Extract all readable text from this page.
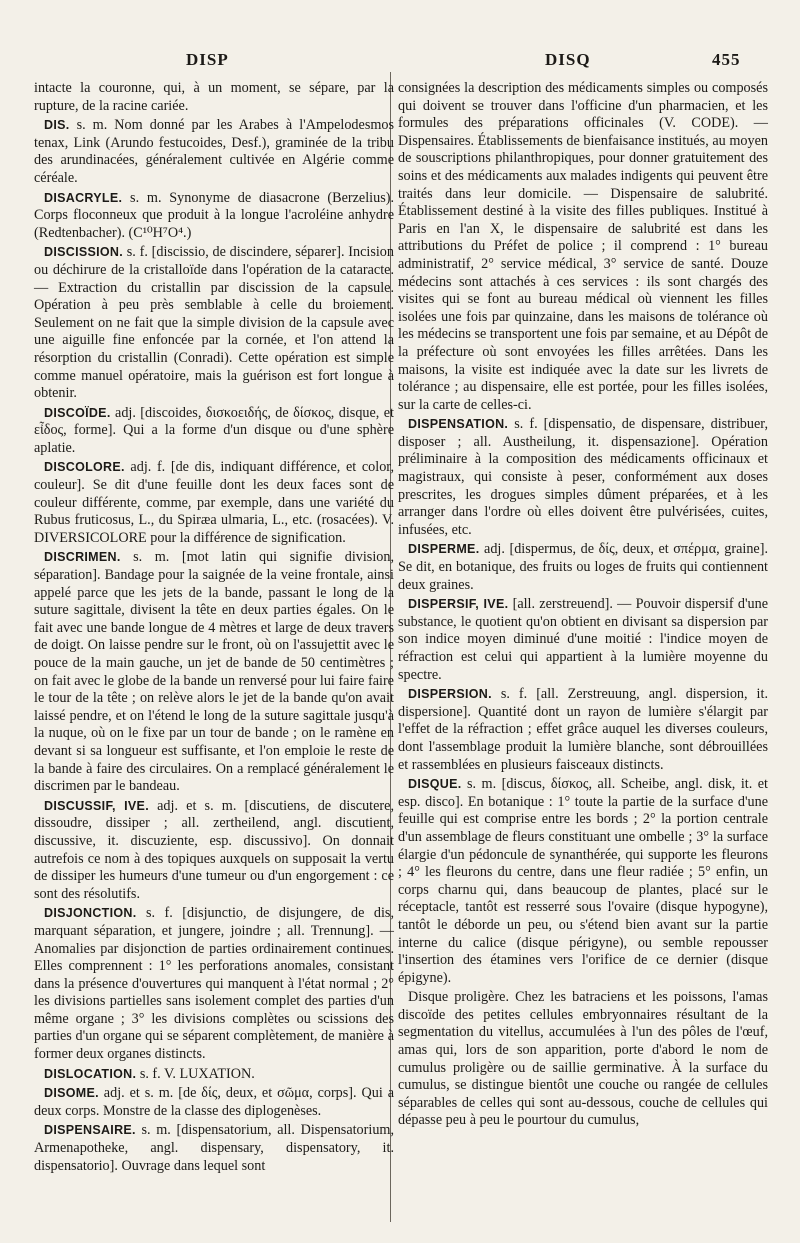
DISP	DISQ	455

intacte la couronne, qui, à un moment, se sépare, par la rupture, de la racine cariée.

DIS. s. m. Nom donné par les Arabes à l'Ampelodesmos tenax, Link (Arundo festucoides, Desf.), graminée de la tribu des arundinacées, généralement cultivée en Algérie comme céréale.

DISACRYLE. s. m. Synonyme de diasacrone (Berzelius). Corps floconneux que produit à la longue l'acroléine anhydre (Redtenbacher). (C¹⁰H⁷O⁴.)

DISCISSION. s. f. [discissio, de discindere, séparer]. Incision ou déchirure de la cristalloïde dans l'opération de la cataracte. — Extraction du cristallin par discission de la capsule. Opération à peu près semblable à celle du broiement. Seulement on ne fait que la simple division de la capsule avec une aiguille fine enfoncée par la cornée, et l'on attend la résorption du cristallin (Conradi). Cette opération est simple comme manuel opératoire, mais la guérison est fort longue à obtenir.

DISCOÏDE. adj. [discoides, δισκοειδής, de δίσκος, disque, et εἶδος, forme]. Qui a la forme d'un disque ou d'une sphère aplatie.

DISCOLORE. adj. f. [de dis, indiquant différence, et color, couleur]. Se dit d'une feuille dont les deux faces sont de couleur différente, comme, par exemple, dans une variété du Rubus fruticosus, L., du Spiræa ulmaria, L., etc. (rosacées). V. DIVERSICOLORE pour la différence de signification.

DISCRIMEN. s. m. [mot latin qui signifie division, séparation]. Bandage pour la saignée de la veine frontale, ainsi appelé parce que les jets de la bande, passant le long de la suture sagittale, divisent la tête en deux parties égales. On le fait avec une bande longue de 4 mètres et large de deux travers de doigt. On laisse pendre sur le front, où on l'assujettit avec le pouce de la main gauche, un jet de bande de 50 centimètres ; on fait avec le globe de la bande un renversé pour lui faire faire le tour de la tête ; on relève alors le jet de la bande qu'on avait laissé pendre, et on l'étend le long de la suture sagittale jusqu'à la nuque, où on le fixe par un tour de bande ; on le ramène en devant si sa longueur est suffisante, et l'on emploie le reste de la bande à faire des circulaires. On a remplacé généralement le discrimen par le bandeau.

DISCUSSIF, IVE. adj. et s. m. [discutiens, de discutere, dissoudre, dissiper ; all. zertheilend, angl. discutient, discussive, it. discuziente, esp. discussivo]. On donnait autrefois ce nom à des topiques auxquels on supposait la vertu de dissiper les humeurs d'une tumeur ou d'un engorgement : ce sont des résolutifs.

DISJONCTION. s. f. [disjunctio, de disjungere, de dis, marquant séparation, et jungere, joindre ; all. Trennung]. — Anomalies par disjonction de parties ordinairement continues. Elles comprennent : 1° les perforations anomales, consistant dans la présence d'ouvertures qui manquent à l'état normal ; 2° les divisions partielles sans isolement complet des parties d'un même organe ; 3° les divisions complètes ou scissions des parties d'un organe qui se séparent complètement, de manière à former deux organes distincts.

DISLOCATION. s. f. V. LUXATION.

DISOME. adj. et s. m. [de δίς, deux, et σῶμα, corps]. Qui a deux corps. Monstre de la classe des diplogenèses.

DISPENSAIRE. s. m. [dispensatorium, all. Dispensatorium, Armenapotheke, angl. dispensary, dispensatory, it. dispensatorio]. Ouvrage dans lequel sont

consignées la description des médicaments simples ou composés qui doivent se trouver dans l'officine d'un pharmacien, et les formules des préparations officinales (V. CODE). — Dispensaires. Établissements de bienfaisance institués, au moyen de souscriptions philanthropiques, pour donner gratuitement des soins et des médicaments aux malades indigents qui peuvent être traités dans leur domicile. — Dispensaire de salubrité. Établissement destiné à la visite des filles publiques. Institué à Paris en l'an X, le dispensaire de salubrité est dans les attributions du Préfet de police ; il comprend : 1° bureau administratif, 2° service médical, 3° service de santé. Douze médecins sont attachés à ces services : ils sont chargés des visites qui se font au bureau médical où viennent les filles isolées une fois par quinzaine, dans les maisons de tolérance où les médecins se transportent une fois par semaine, et au Dépôt de la préfecture où sont envoyées les filles arrêtées. Dans les maisons, la visite est indiquée avec la date sur les livrets de tolérance ; au dispensaire, elle est portée, pour les filles isolées, sur la carte de celles-ci.

DISPENSATION. s. f. [dispensatio, de dispensare, distribuer, disposer ; all. Austheilung, it. dispensazione]. Opération préliminaire à la composition des médicaments officinaux et magistraux, qui consiste à peser, conformément aux doses prescrites, les drogues simples dûment préparées, et à les arranger dans l'ordre où elles doivent être pulvérisées, cuites, infusées, etc.

DISPERME. adj. [dispermus, de δίς, deux, et σπέρμα, graine]. Se dit, en botanique, des fruits ou loges de fruits qui contiennent deux graines.

DISPERSIF, IVE. [all. zerstreuend]. — Pouvoir dispersif d'une substance, le quotient qu'on obtient en divisant sa dispersion par son indice moyen diminué d'une moitié : l'indice moyen de réfraction est celui qui appartient à la lumière moyenne du spectre.

DISPERSION. s. f. [all. Zerstreuung, angl. dispersion, it. dispersione]. Quantité dont un rayon de lumière s'élargit par l'effet de la réfraction ; effet grâce auquel les diverses couleurs, dont l'assemblage produit la lumière blanche, sont débrouillées et rassemblées en plusieurs faisceaux distincts.

DISQUE. s. m. [discus, δίσκος, all. Scheibe, angl. disk, it. et esp. disco]. En botanique : 1° toute la partie de la surface d'une feuille qui est comprise entre les bords ; 2° la portion centrale d'un assemblage de fleurs constituant une ombelle ; 3° la surface élargie d'un pédoncule de synanthérée, qui supporte les fleurons ; 4° les fleurons du centre, dans une fleur radiée ; 5° enfin, un corps charnu qui, dans beaucoup de plantes, placé sur le réceptacle, tantôt est resserré sous l'ovaire (disque hypogyne), tantôt le déborde un peu, ou s'étend bien avant sur la partie interne du calice (disque périgyne), ou semble repousser l'insertion des étamines vers l'orifice de ce dernier (disque épigyne).

Disque proligère. Chez les batraciens et les poissons, l'amas discoïde des petites cellules embryonnaires résultant de la segmentation du vitellus, accumulées à l'un des pôles de l'œuf, amas qui, lors de son apparition, porte d'abord le nom de cumulus proligère ou de saillie germinative. À la surface du cumulus, se distingue bientôt une couche ou rangée de cellules séparables de celles qui sont au-dessous, couche de cellules qui dépasse peu à peu le pourtour du cumulus,
